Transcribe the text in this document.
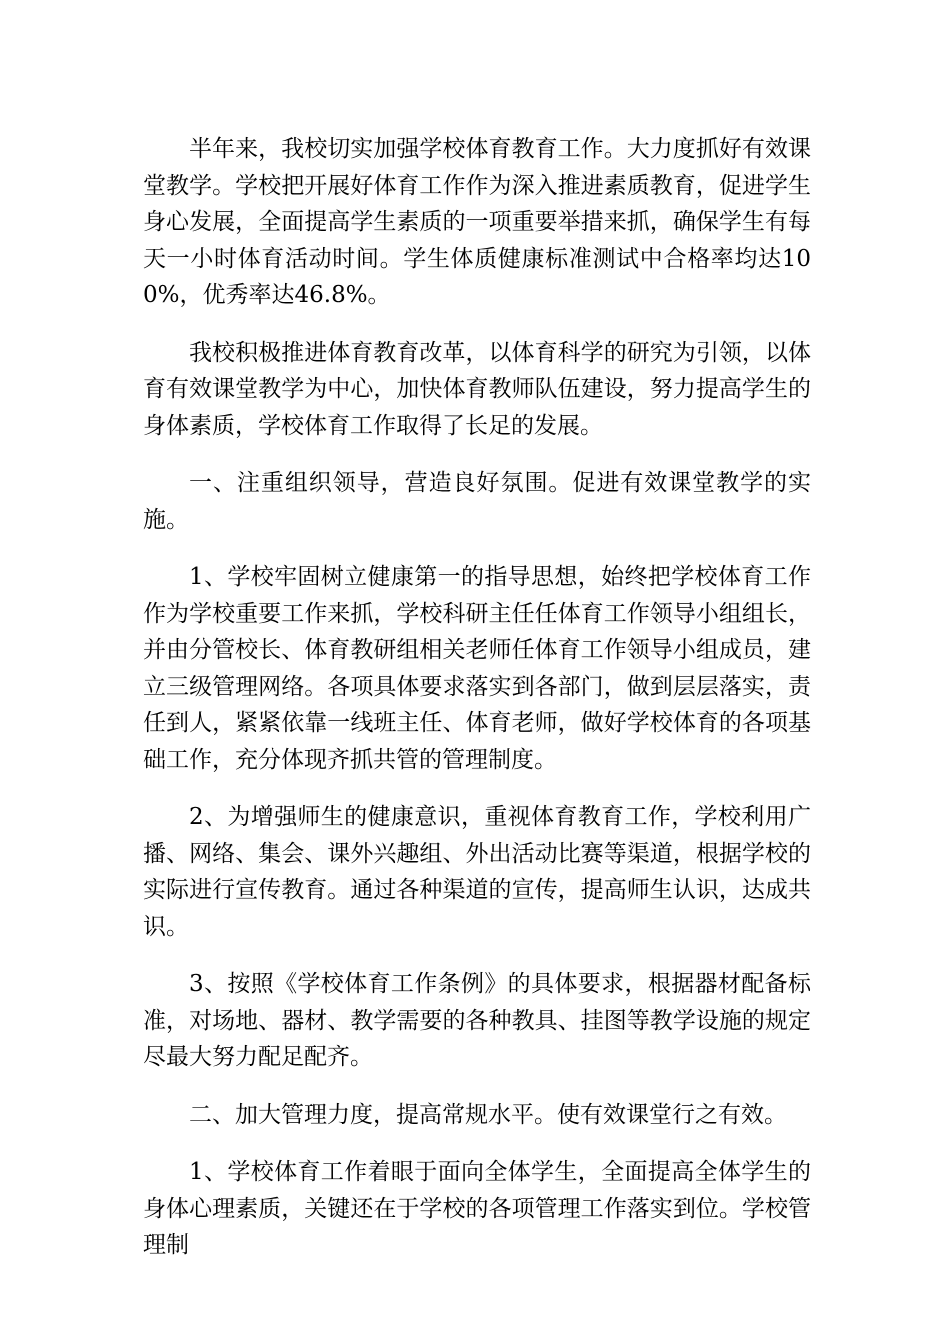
半年来，我校切实加强学校体育教育工作。大力度抓好有效课堂教学。学校把开展好体育工作作为深入推进素质教育，促进学生身心发展，全面提高学生素质的一项重要举措来抓，确保学生有每天一小时体育活动时间。学生体质健康标准测试中合格率均达100%，优秀率达46.8%。

我校积极推进体育教育改革，以体育科学的研究为引领，以体育有效课堂教学为中心，加快体育教师队伍建设，努力提高学生的身体素质，学校体育工作取得了长足的发展。

一、注重组织领导，营造良好氛围。促进有效课堂教学的实施。

1、学校牢固树立健康第一的指导思想，始终把学校体育工作作为学校重要工作来抓，学校科研主任任体育工作领导小组组长，并由分管校长、体育教研组相关老师任体育工作领导小组成员，建立三级管理网络。各项具体要求落实到各部门，做到层层落实，责任到人，紧紧依靠一线班主任、体育老师，做好学校体育的各项基础工作，充分体现齐抓共管的管理制度。

2、为增强师生的健康意识，重视体育教育工作，学校利用广播、网络、集会、课外兴趣组、外出活动比赛等渠道，根据学校的实际进行宣传教育。通过各种渠道的宣传，提高师生认识，达成共识。

3、按照《学校体育工作条例》的具体要求，根据器材配备标准，对场地、器材、教学需要的各种教具、挂图等教学设施的规定尽最大努力配足配齐。

二、加大管理力度，提高常规水平。使有效课堂行之有效。

1、学校体育工作着眼于面向全体学生，全面提高全体学生的身体心理素质，关键还在于学校的各项管理工作落实到位。学校管理制
